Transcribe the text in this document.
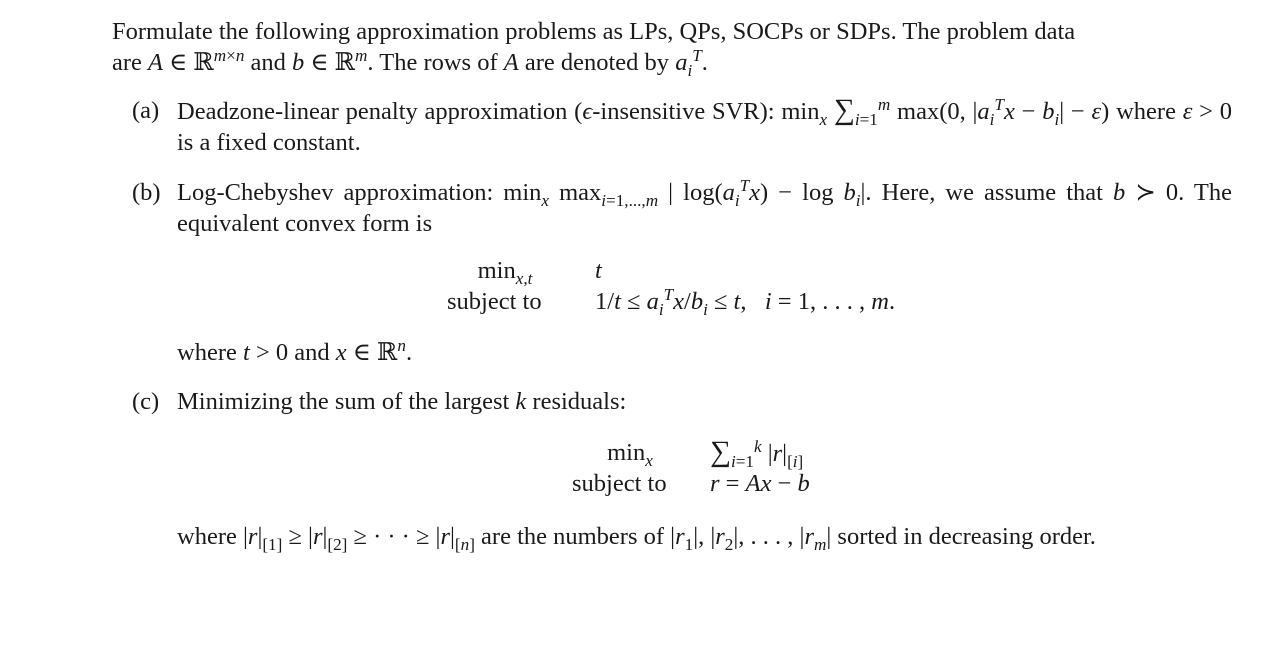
Formulate the following approximation problems as LPs, QPs, SOCPs or SDPs. The problem data
are A ∈ ℝ$^{m\times n}$ and b ∈ ℝ$^m$. The rows of A are denoted by $a_i^T$.

(a) Deadzone-linear penalty approximation (ϵ-insensitive SVR): $\min_x \sum_{i=1}^m$ max(0, $|a_i^Tx - b_i| - \varepsilon$) where ε > 0 is a fixed constant.

(b) Log-Chebyshev approximation: $\min_x \max_{i=1,...,m}$ | $\log(a_i^Tx) - \log b_i|$. Here, we assume that b ≻ 0. The equivalent convex form is

$\min_{x,t}$	t
subject to $1/t \le a_i^Tx/b_i \le t$,   i = 1, . . . , m.

where t > 0 and x ∈ ℝ$^n$.

(c) Minimizing the sum of the largest k residuals:

$\min_x$	$\sum_{i=1}^k$ $|r|_{[i]}$
subject to r = Ax − b

where $|r|_{[1]} \ge |r|_{[2]}$ ≥ · · · ≥ $|r|_{[n]}$ are the numbers of $|r_1|$, $|r_2|$, . . . , $|r_m|$ sorted in decreasing order.
